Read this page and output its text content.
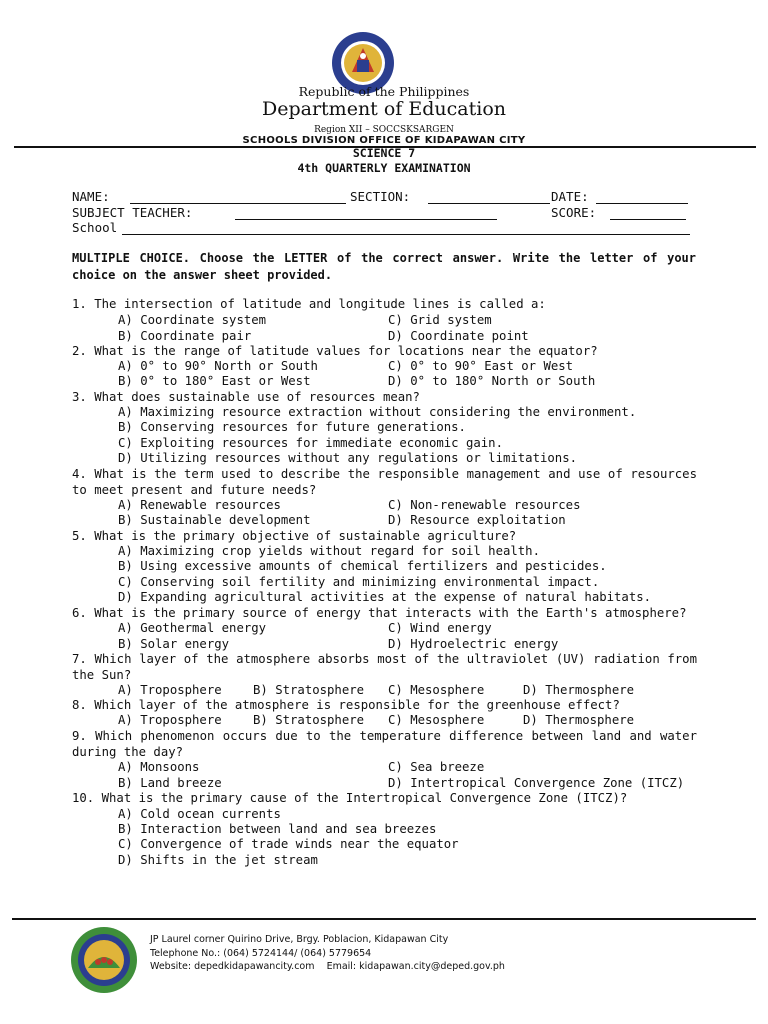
Republic of the Philippines
Department of Education
Region XII – SOCCSKSARGEN
SCHOOLS DIVISION OFFICE OF KIDAPAWAN CITY
SCIENCE 7
4th QUARTERLY EXAMINATION
NAME:	SECTION:	DATE:
SUBJECT TEACHER:	SCORE:
School
MULTIPLE CHOICE. Choose the LETTER of the correct answer. Write the letter of your choice on the answer sheet provided.
1. The intersection of latitude and longitude lines is called a:
A) Coordinate system	C) Grid system
B) Coordinate pair	D) Coordinate point
2. What is the range of latitude values for locations near the equator?
A) 0° to 90° North or South	C) 0° to 90° East or West
B) 0° to 180° East or West	D) 0° to 180° North or South
3. What does sustainable use of resources mean?
A) Maximizing resource extraction without considering the environment.
B) Conserving resources for future generations.
C) Exploiting resources for immediate economic gain.
D) Utilizing resources without any regulations or limitations.
4. What is the term used to describe the responsible management and use of resources to meet present and future needs?
A) Renewable resources	C) Non-renewable resources
B) Sustainable development	D) Resource exploitation
5. What is the primary objective of sustainable agriculture?
A) Maximizing crop yields without regard for soil health.
B) Using excessive amounts of chemical fertilizers and pesticides.
C) Conserving soil fertility and minimizing environmental impact.
D) Expanding agricultural activities at the expense of natural habitats.
6. What is the primary source of energy that interacts with the Earth's atmosphere?
A) Geothermal energy	C) Wind energy
B) Solar energy	D) Hydroelectric energy
7. Which layer of the atmosphere absorbs most of the ultraviolet (UV) radiation from the Sun?
A) Troposphere	B) Stratosphere C) Mesosphere	D) Thermosphere
8. Which layer of the atmosphere is responsible for the greenhouse effect?
A) Troposphere	B) Stratosphere C) Mesosphere	D) Thermosphere
9. Which phenomenon occurs due to the temperature difference between land and water during the day?
A) Monsoons	C) Sea breeze
B) Land breeze	D) Intertropical Convergence Zone (ITCZ)
10. What is the primary cause of the Intertropical Convergence Zone (ITCZ)?
A) Cold ocean currents
B) Interaction between land and sea breezes
C) Convergence of trade winds near the equator
D) Shifts in the jet stream
JP Laurel corner Quirino Drive, Brgy. Poblacion, Kidapawan City
Telephone No.: (064) 5724144/ (064) 5779654
Website: depedkidapawancity.com    Email: kidapawan.city@deped.gov.ph
